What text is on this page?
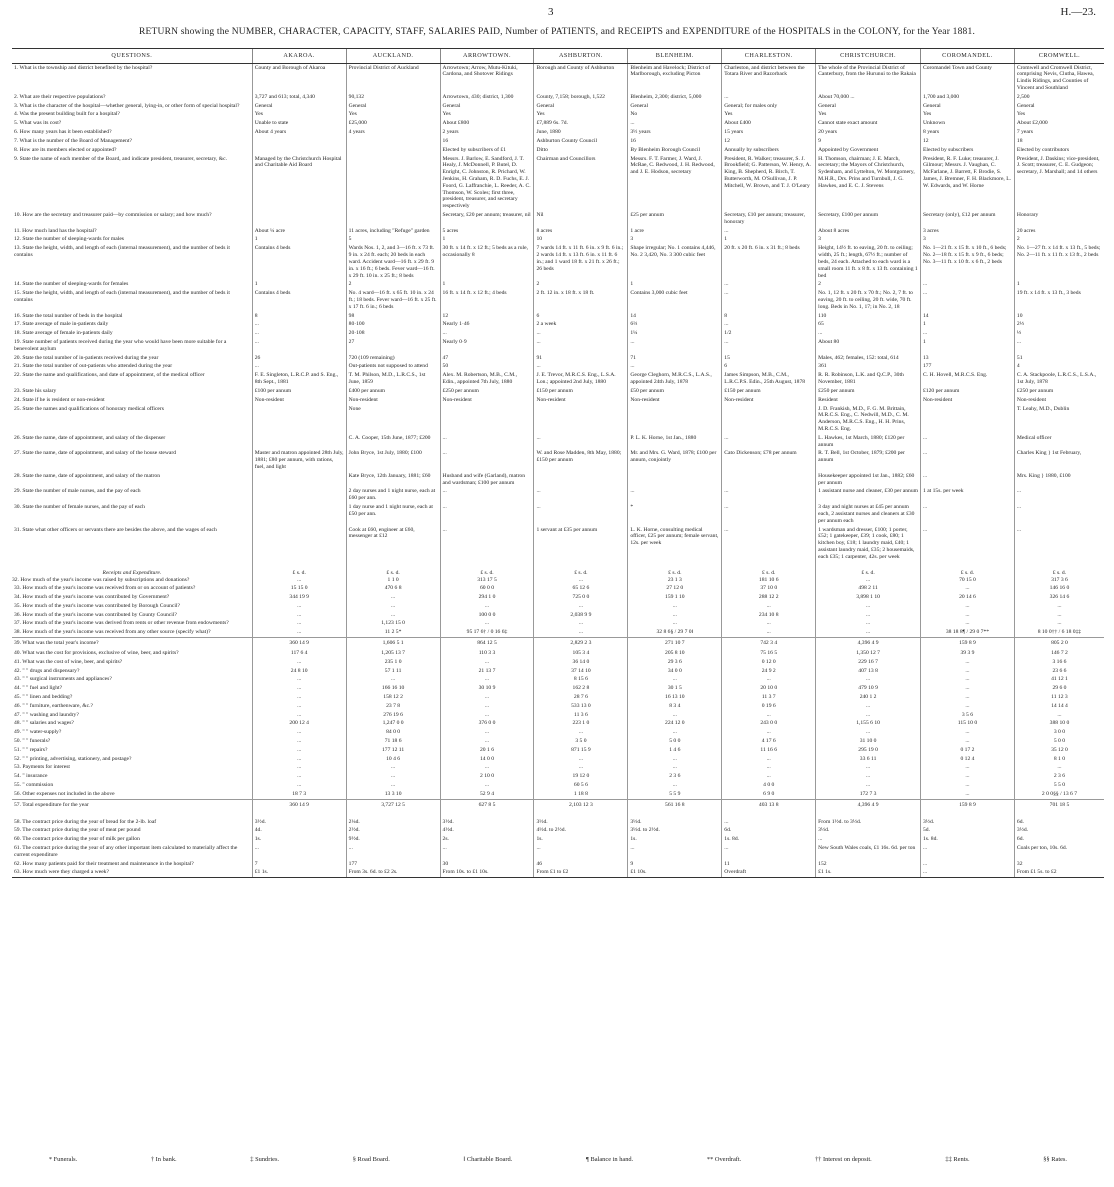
3	H.—23.
RETURN showing the NUMBER, CHARACTER, CAPACITY, STAFF, SALARIES PAID, Number of PATIENTS, and RECEIPTS and EXPENDITURE of the HOSPITALS in the COLONY, for the Year 1881.
QUESTIONS.	AKAROA.	AUCKLAND.	ARROWTOWN.	ASHBURTON.	BLENHEIM.	CHARLESTON.	CHRISTCHURCH.	COROMANDEL.	CROMWELL.
1. What is the township and district benefited by the hospital?	County and Borough of Akaroa	Provincial District of Auckland	Arrowtown; Arrow, Mutu-Kituki, Cardona, and Shotover Ridings	Borough and County of Ashburton	Blenheim and Havelock; District of Marlborough, excluding Picton	Charleston, and district between the Totara River and Razorback	The whole of the Provincial District of Canterbury, from the Hurunui to the Rakaia	Coromandel Town and County	Cromwell and Cromwell District, comprising Nevis, Clutha, Hawea, Lindis Ridings, and Counties of Vincent and Southland
2. What are their respective populations?	3,727 and 613; total, 4,340	90,132	Arrowtown, 430; district, 1,300	County, 7,158; borough, 1,522	Blenheim, 2,300; district, 5,000	...	About 70,000 ...	1,700 and 3,000	2,500
3. What is the character of the hospital—whether general, lying-in, or other form of special hospital?	General	General	General	General	General	General; for males only	General	General	General
4. Was the present building built for a hospital?	Yes	Yes	Yes	Yes	No	Yes	Yes	Yes	Yes
5. What was its cost?	Unable to state	£25,000	About £800	£7,889 6s. 7d.	...	About £400	Cannot state exact amount	Unknown	About £2,000
6. How many years has it been established?	About 4 years	4 years	2 years	June, 1880	3½ years	15 years	20 years	8 years	7 years
7. What is the number of the Board of Management?			16	Ashburton County Council	16	12	9	12	18
8. How are its members elected or appointed?			Elected by subscribers of £1	Ditto	By Blenheim Borough Council	Annually by subscribers	Appointed by Government	Elected by subscribers	Elected by contributors
9. State the name of each member of the Board, and indicate president, treasurer, secretary, &c.	Managed by the Christchurch Hospital and Charitable Aid Board		Messrs. J. Barlow, E. Sandford, J. T. Healy, J. McDonnell, P. Butel, D. Enright, C. Johnston, R. Prichard, W. Jenkins, H. Graham, R. D. Fuchs, E. J. Foord, G. Laffranchie, L. Reeder, A. C. Thomson, W. Scoles; first three, president, treasurer, and secretary respectively	Chairman and Councillors	Messrs. F. T. Farmer, J. Ward, J. McRae, C. Redwood, J. H. Redwood, and J. E. Hodson, secretary	President, R. Walker; treasurer, S. J. Brookfield; G. Patterson, W. Henry, A. King, B. Shepherd, R. Birch, T. Butterworth, M. O'Sullivan, J. P. Mitchell, W. Brown, and T. J. O'Leary	H. Thomson, chairman; J. E. March, secretary; the Mayors of Christchurch, Sydenham, and Lyttelton, W. Montgomery, M.H.R., Drs. Prins and Turnbull, J. G. Hawkes, and E. C. J. Stevens	President, R. F. Luke; treasurer, J. Gilmour; Messrs. J. Vaughan, C. McFarlane, J. Barrett, F. Brodie, S. James, J. Bremner, F. H. Blackmore, L. W. Edwards, and W. Horne	President, J. Daskins; vice-president, J. Scott; treasurer, C. E. Gudgeon; secretary, J. Marshall; and 14 others
10. How are the secretary and treasurer paid—by commission or salary; and how much?			Secretary, £20 per annum; treasurer, nil	Nil	£25 per annum	Secretary, £10 per annum; treasurer, honorary	Secretary, £100 per annum	Secretary (only), £12 per annum	Honorary
11. How much land has the hospital?	About ¼ acre	11 acres, including "Refuge" garden	5 acres	8 acres	1 acre	...	About 8 acres	3 acres	20 acres
12. State the number of sleeping-wards for males	1	5	1	10	3	1	3	3	2
13. State the height, width, and length of each (internal measurement), and the number of beds it contains	Contains 4 beds	Wards Nos. 1, 2, and 3—16 ft. x 73 ft. 9 in. x 24 ft. each; 20 beds in each ward. Accident ward—16 ft. x 29 ft. 9 in. x 16 ft.; 6 beds. Fever ward—16 ft. x 29 ft. 10 in. x 25 ft.; 8 beds	30 ft. x 14 ft. x 12 ft.; 5 beds as a rule, occasionally 8	7 wards 14 ft. x 11 ft. 6 in. x 9 ft. 6 in.; 2 wards 14 ft. x 13 ft. 6 in. x 11 ft. 6 in.; and 1 ward 18 ft. x 21 ft. x 26 ft.; 26 beds	Shape irregular; No. 1 contains 4,446, No. 2 3,420, No. 3 300 cubic feet	20 ft. x 20 ft. 6 in. x 31 ft.; 8 beds	Height, 14½ ft. to eaving, 20 ft. to ceiling; width, 25 ft.; length, 67½ ft.; number of beds, 24 each. Attached to each ward is a small room 11 ft. x 8 ft. x 13 ft. containing 1 bed	No. 1—21 ft. x 15 ft. x 10 ft., 6 beds; No. 2—18 ft. x 15 ft. x 9 ft., 6 beds; No. 3—11 ft. x 10 ft. x 6 ft., 2 beds	No. 1—27 ft. x 14 ft. x 13 ft., 5 beds; No. 2—11 ft. x 11 ft. x 13 ft., 2 beds
14. State the number of sleeping-wards for females	1	2	1	2	1	...	2	...	1
15. State the height, width, and length of each (internal measurement), and the number of beds it contains	Contains 4 beds	No. 4 ward—16 ft. x 65 ft. 10 in. x 24 ft.; 18 beds. Fever ward—16 ft. x 25 ft. x 17 ft. 6 in.; 6 beds	16 ft. x 14 ft. x 12 ft.; 4 beds	2 ft. 12 in. x 18 ft. x 18 ft.	Contains 3,000 cubic feet	...	No. 1, 12 ft. x 20 ft. x 70 ft.; No. 2, 7 ft. to eaving, 20 ft. to ceiling, 20 ft. wide, 70 ft. long. Beds in No. 1, 17; in No. 2, 18	...	19 ft. x 14 ft. x 13 ft., 3 beds
16. State the total number of beds in the hospital	8	98	12	6	14	8	110	14	10
17. State average of male in-patients daily	...	80·100	Nearly 1·46	2 a week	6⅔	...	65	1	2⅓
18. State average of female in-patients daily	...	20·108	...	...	1¼	1/2	...	...	⅓
19. State number of patients received during the year who would have been more suitable for a benevolent asylum	...	27	Nearly 0·9	...	...	...	About 80	1	...
20. State the total number of in-patients received during the year	26	720 (109 remaining)	47	91	71	15	Males, 462; females, 152: total, 614	13	51
21. State the total number of out-patients who attended during the year	...	Out-patients not supposed to attend	50	...	...	6	361	177	4
22. State the name and qualifications, and date of appointment, of the medical officer	F. E. Singleton, L.R.C.P. and S. Eng., 8th Sept., 1881	T. M. Philson, M.D., L.R.C.S., 1st June, 1859	Alex. M. Robertson, M.B., C.M., Edin., appointed 7th July, 1880	J. E. Trevor, M.R.C.S. Eng., L.S.A. Lon.; appointed 2nd July, 1880	George Cleghorn, M.R.C.S., L.A.S., appointed 24th July, 1878	James Simpson, M.B., C.M., L.R.C.P.S. Edin., 25th August, 1878	R. R. Robinson, L.K. and Q.C.P., 30th November, 1881	C. H. Hovell, M.R.C.S. Eng.	C. A. Stackpoole, L.R.C.S., L.S.A., 1st July, 1878
23. State his salary	£100 per annum	£400 per annum	£250 per annum	£150 per annum	£50 per annum	£150 per annum	£250 per annum	£120 per annum	£250 per annum
24. State if he is resident or non-resident	Non-resident	Non-resident	Non-resident	Non-resident	Non-resident	Non-resident	Resident	Non-resident	Non-resident
25. State the names and qualifications of honorary medical officers		None					J. D. Frankish, M.D., F. G. M. Brittain, M.R.C.S. Eng., C. Nedwill, M.D., C. M. Anderson, M.R.C.S. Eng., H. H. Prins, M.R.C.S. Eng.		T. Leahy, M.D., Dublin
26. State the name, date of appointment, and salary of the dispenser		C. A. Cooper, 15th June, 1877; £200	...	...	P. L. K. Horne, 1st Jan., 1880	...	L. Hawkes, 1st March, 1880; £120 per annum	...	Medical officer
27. State the name, date of appointment, and salary of the house steward	Master and matron appointed 28th July, 1881; £80 per annum, with rations, fuel, and light	John Bryce, 1st July, 1880; £100	...	W. and Rose Madden, 8th May, 1880; £150 per annum	Mr. and Mrs. G. Ward, 1878; £100 per annum, conjointly	Cato Dickenson; £78 per annum	R. T. Bell, 1st October, 1879; £200 per annum	...	Charles King } 1st February,
28. State the name, date of appointment, and salary of the matron		Kate Bryce, 12th January, 1881; £60	Husband and wife (Garland), matron and wardsman; £100 per annum				Housekeeper appointed 1st Jan., 1882; £60 per annum	...	Mrs. King } 1880, £100
29. State the number of male nurses, and the pay of each		2 day nurses and 1 night nurse, each at £60 per ann.	...	...	...	...	1 assistant nurse and cleaner, £30 per annum	1 at 15s. per week	...
30. State the number of female nurses, and the pay of each		1 day nurse and 1 night nurse, each at £50 per ann.	...	...	*	...	3 day and night nurses at £45 per annum each, 2 assistant nurses and cleaners at £30 per annum each	...	...
31. State what other officers or servants there are besides the above, and the wages of each		Cook at £60, engineer at £60, messenger at £12	...	1 servant at £35 per annum	L. K. Horne, consulting medical officer, £25 per annum; female servant, 12s. per week	...	1 wardsman and dresser, £100; 1 porter, £52; 1 gatekeeper, £39; 1 cook, £80; 1 kitchen boy, £18; 1 laundry maid, £40; 1 assistant laundry maid, £35; 2 housemaids, each £35; 1 carpenter, 42s. per week	...	...
Receipts and Expenditure.	£ s. d.	£ s. d.	£ s. d.	£ s. d.	£ s. d.	£ s. d.	£ s. d.	£ s. d.	£ s. d.
32. How much of the year's income was raised by subscriptions and donations?	...	1 1 0	313 17 5	...	23 1 3	181 10 6	...	70 15 0	317 3 6
33. How much of the year's income was received from or on account of patients?	15 15 0	470 6 8	60 0 0	65 12 6	27 12 0	37 10 0	498 2 11	...	146 16 0
34. How much of the year's income was contributed by Government?	344 19 9	...	294 1 0	725 0 0	159 1 10	288 12 2	3,898 1 10	20 14 6	326 14 6
35. How much of the year's income was contributed by Borough Council?	...	...	...	...	...	...	...	...	...
36. How much of the year's income was contributed by County Council?	...	...	100 0 0	2,038 9 9	...	234 10 8	...	...	...
37. How much of the year's income was derived from rents or other revenue from endowments?	...	1,123 15 0	...	...	...	...	...	...	...
38. How much of the year's income was received from any other source (specify what)?	...	11 2 5*	95 17 6† / 0 16 6‡	...	32 8 6§ / 29 7 0‖	...	...	38 18 8¶ / 29 0 7**	8 10 0†† / 6 18 0‡‡
39. What was the total year's income?	360 14 9	1,606 5 1	864 12 5	2,829 2 3	271 10 7	742 3 4	4,396 4 9	159 8 9	805 2 0
40. What was the cost for provisions, exclusive of wine, beer, and spirits?	117 6 4	1,205 13 7	110 3 3	105 3 4	205 8 10	75 16 5	1,350 12 7	39 3 9	146 7 2
41. What was the cost of wine, beer, and spirits?	...	235 1 0	...	36 14 0	29 3 6	0 12 0	229 16 7	...	3 16 6
42. " " drugs and dispensary?	24 8 10	57 1 11	21 13 7	37 14 10	34 0 0	24 9 2	407 13 8	...	23 6 6
43. " " surgical instruments and appliances?	...	...	...	8 15 6	...	...	...	...	41 12 1
44. " " fuel and light?	...	166 16 10	30 10 9	162 2 8	30 1 5	20 10 0	479 10 9	...	29 6 0
45. " " linen and bedding?	...	158 12 2	...	28 7 6	16 13 10	11 3 7	240 1 2	...	11 12 3
46. " " furniture, earthenware, &c.?	...	23 7 8	...	533 13 0	8 3 4	0 19 6	...	...	14 14 4
47. " " washing and laundry?	...	276 19 6	...	11 3 6	...	...	...	3 5 6	...
48. " " salaries and wages?	200 12 4	1,247 0 0	376 0 0	223 1 0	224 12 0	243 0 0	1,155 6 10	115 10 0	388 10 0
49. " " water-supply?	...	84 0 0	...	...	...	...	...	...	3 0 0
50. " " funerals?	...	71 18 6	...	3 5 0	5 0 0	4 17 6	31 10 0	...	5 0 0
51. " " repairs?	...	177 12 11	20 1 6	871 15 9	1 4 6	11 16 6	295 19 0	0 17 2	35 12 0
52. " " printing, advertising, stationery, and postage?	...	10 4 6	14 0 0	...	...	...	33 6 11	0 12 4	8 1 0
53. Payments for interest	...	...	...	...	...	...	...	...	...
54. " insurance	...	...	2 10 0	19 12 0	2 3 6	...	...	...	2 3 6
55. " commission	...	...	...	60 5 6	...	4 0 0	...	...	5 5 0
56. Other expenses not included in the above	18 7 3	13 3 10	52 9 4	1 18 8	5 5 9	6 9 0	172 7 3	...	2 0 0§§ / 13 6 7
57. Total expenditure for the year	360 14 9	3,727 12 5	627 8 5	2,103 12 3	561 16 8	403 13 8	4,396 4 9	159 8 9	701 18 5
58. The contract price during the year of bread for the 2-lb. loaf	3½d.	2¼d.	3½d.	3½d.	3½d.	...	From 1½d. to 3½d.	3½d.	6d.
59. The contract price during the year of meat per pound	4d.	2½d.	4½d.	4½d. to 2½d.	3½d. to 2½d.	6d.	3½d.	5d.	3½d.
60. The contract price during the year of milk per gallon	1s.	9½d.	2s.	1s.	1s.	1s. 8d.	...	1s. 8d.	6d.
61. The contract price during the year of any other important item calculated to materially affect the current expenditure	...	...	...	...	...	...	New South Wales coals, £1 16s. 6d. per ton	...	Coals per ton, 10s. 6d.
62. How many patients paid for their treatment and maintenance in the hospital?	7	177	30	46	9	11	152	...	32
63. How much were they charged a week?	£1 1s.	From 3s. 6d. to £2 2s.	From 10s. to £1 10s.	From £1 to £2	£1 10s.	Overdraft	£1 1s.	...	From £1 5s. to £2
* Funerals.	† In bank.	‡ Sundries.	§ Road Board.	‖ Charitable Board.	¶ Balance in hand.	** Overdraft.	†† Interest on deposit.	‡‡ Rents.	§§ Rates.
